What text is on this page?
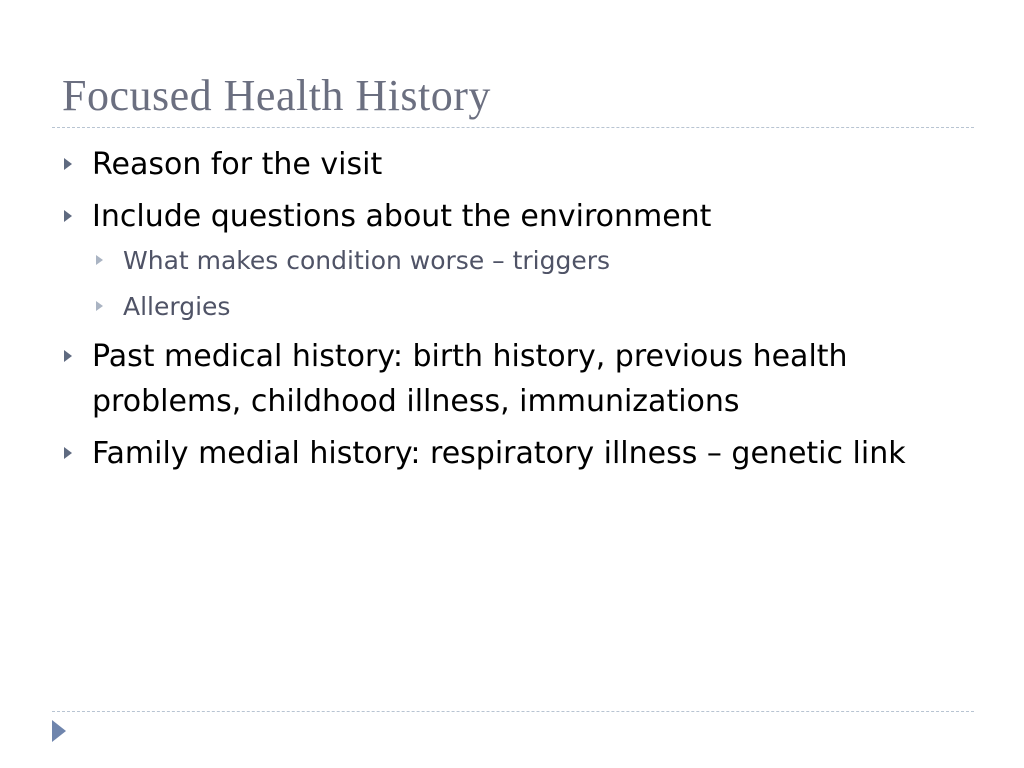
Focused Health History
Reason for the visit
Include questions about the environment
What makes condition worse – triggers
Allergies
Past medical history: birth history, previous health problems, childhood illness, immunizations
Family medial history: respiratory illness – genetic link
